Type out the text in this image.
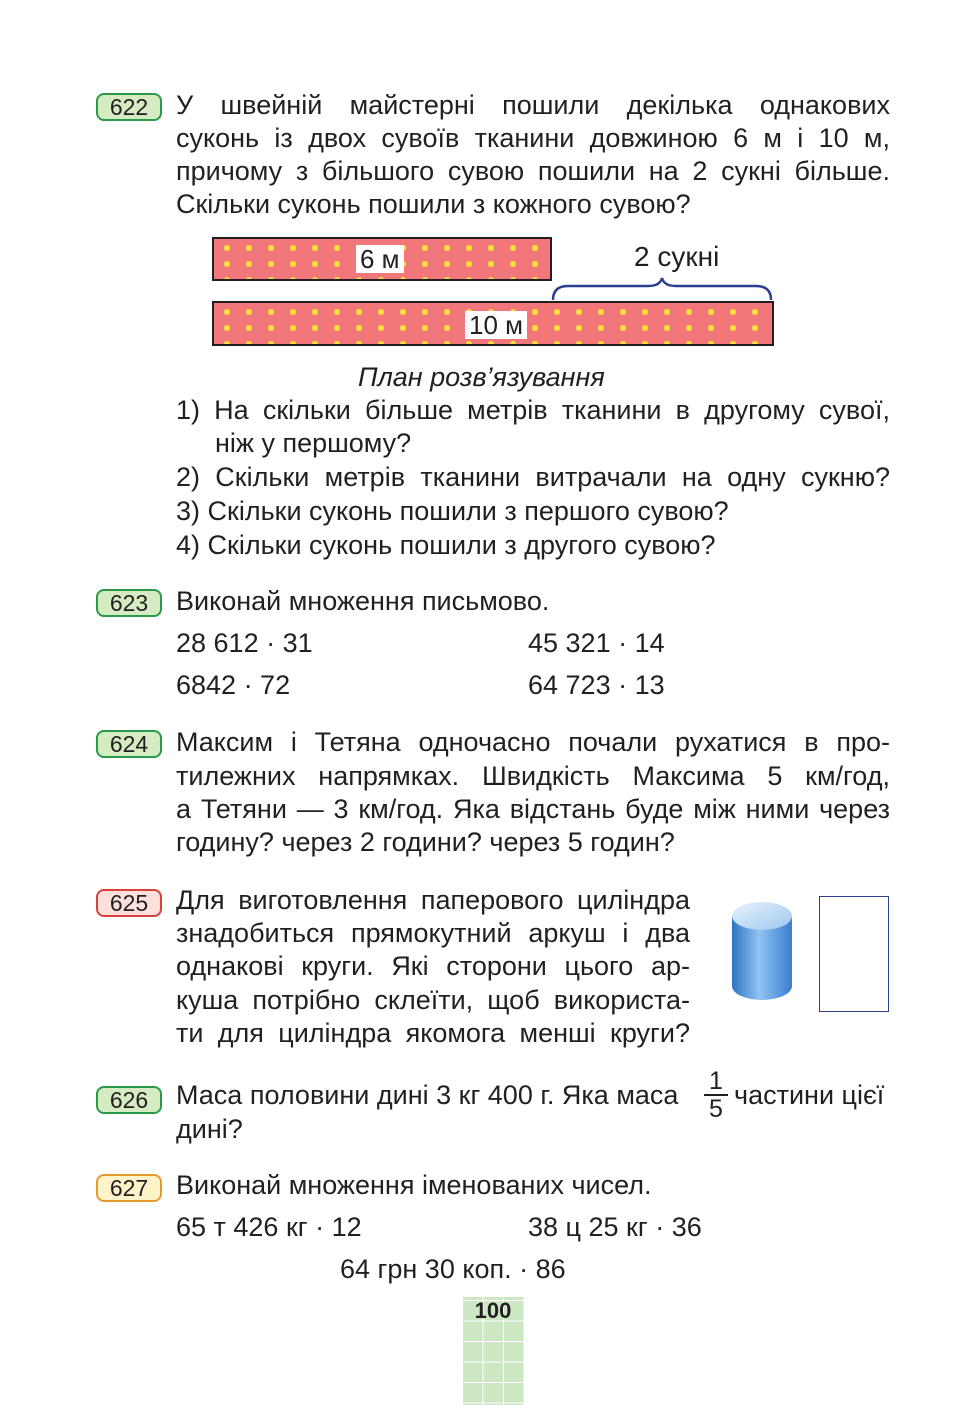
622	У швейній майстерні пошили декілька однакових
суконь із двох сувоїв тканини довжиною 6 м і 10 м,
причому з більшого сувою пошили на 2 сукні більше.
Скільки суконь пошили з кожного сувою?
6 м
10 м
2 сукні
План розв’язування
1) На скільки більше метрів тканини в другому сувої,
ніж у першому?
2) Скільки метрів тканини витрачали на одну сукню?
3) Скільки суконь пошили з першого сувою?
4) Скільки суконь пошили з другого сувою?
623	Виконай множення письмово.
28 612 · 31	45 321 · 14
6842 · 72	64 723 · 13
624	Максим і Тетяна одночасно почали рухатися в про-
тилежних напрямках. Швидкість Максима 5 км/год,
а Тетяни — 3 км/год. Яка відстань буде між ними через
годину? через 2 години? через 5 годин?
625	Для виготовлення паперового циліндра
знадобиться прямокутний аркуш і два
однакові круги. Які сторони цього ар-
куша потрібно склеїти, щоб використа-
ти для циліндра якомога менші круги?
626	Маса половини дині 3 кг 400 г. Яка маса $\frac{1}{5}$ частини цієї
дині?
627	Виконай множення іменованих чисел.
65 т 426 кг · 12	38 ц 25 кг · 36
64 грн 30 коп. · 86
100
